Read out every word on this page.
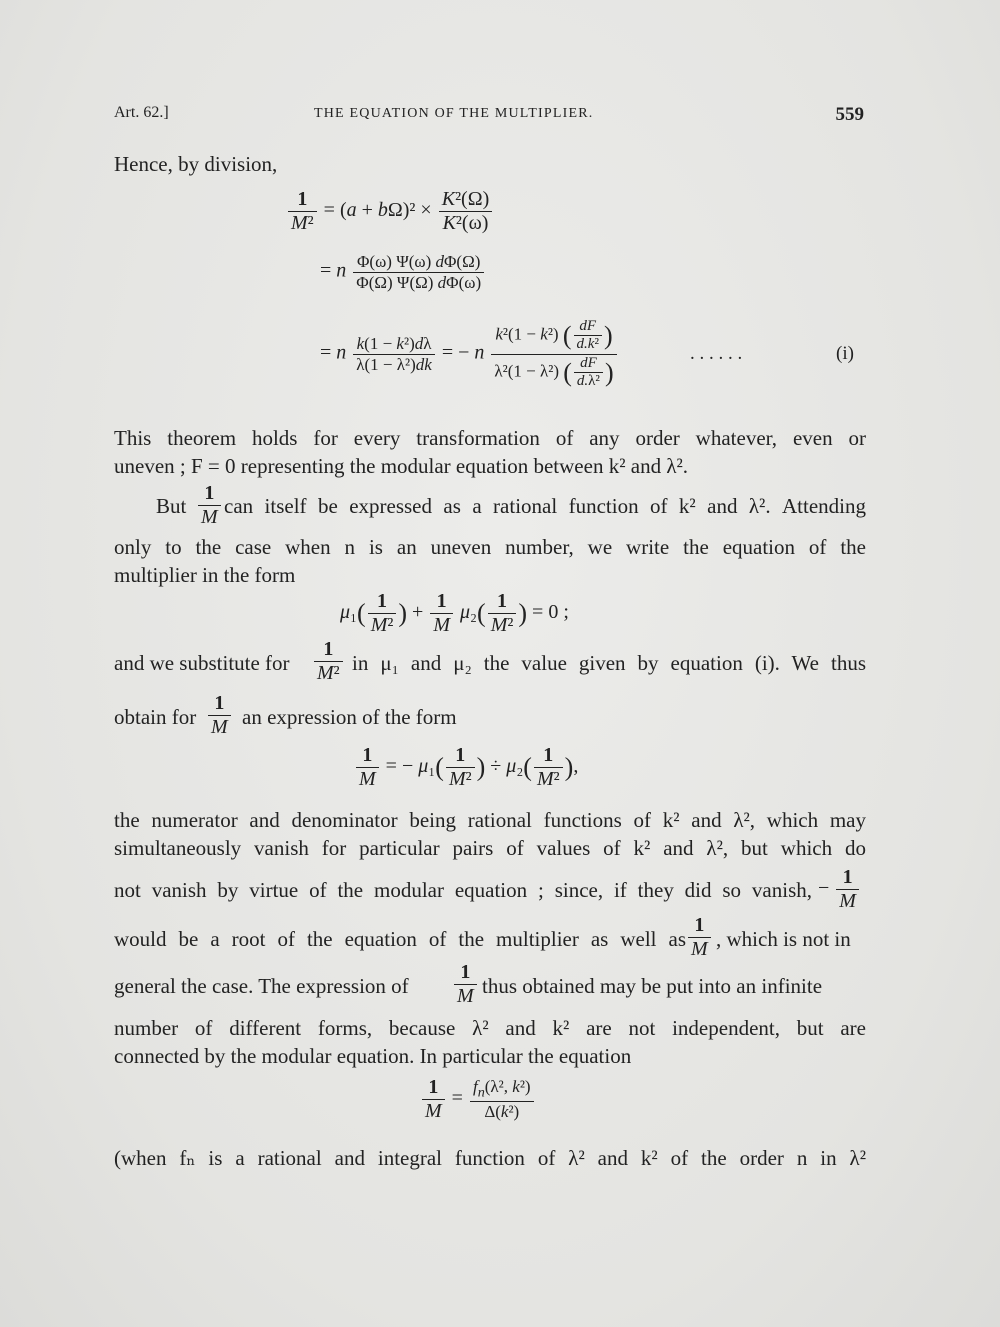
Art. 62.]	THE EQUATION OF THE MULTIPLIER.	559
Hence, by division,
$\frac{1}{\text{M²}} = (a + b\Omega)^2 \times \frac{\text{K²(Ω)}}{\text{K²(ω)}}$
= n $\frac{\Phi(\omega) \Psi(\omega) d\Phi(\Omega)}{\Phi(\Omega) \Psi(\Omega) d\Phi(\omega)}$
= n $\frac{\text{k(1 − k²)dλ}}{\text{λ(1 − λ²)dk}}$ = − n $\frac{k^2(1 - k^2) ( \frac{dF}{\text{d.k²}} )}{\lambda^2(1 - \lambda^2) ( \frac{dF}{\text{d.λ²}} )}$	. . . . . .	(i)
This theorem holds for every transformation of any order whatever, even or
uneven ; F = 0 representing the modular equation between k² and λ².
But $\frac{1}{M}$ can itself be expressed as a rational function of k² and λ². Attending
only to the case when n is an uneven number, we write the equation of the
multiplier in the form
$\mu_1( \frac{1}{\text{M²}}$ ) + $\frac{1}{M} \mu_2( \frac{1}{\text{M²}}$ ) = 0 ;
and we substitute for $\frac{1}{\text{M²}}$ in μ₁ and μ₂ the value given by equation (i). We thus
obtain for $\frac{1}{M}$ an expression of the form
$\frac{1}{M}$ = − $\mu_1( \frac{1}{\text{M²}}$ ) ÷ $\mu_2( \frac{1}{\text{M²}}$ ),
the numerator and denominator being rational functions of k² and λ², which may
simultaneously vanish for particular pairs of values of k² and λ², but which do
not vanish by virtue of the modular equation ; since, if they did so vanish, − $\frac{1}{M}$
would be a root of the equation of the multiplier as well as $\frac{1}{M}$ , which is not in
general the case. The expression of $\frac{1}{M}$ thus obtained may be put into an infinite
number of different forms, because λ² and k² are not independent, but are
connected by the modular equation. In particular the equation
$\frac{1}{M} = \frac{f_n(\lambda^2, k^2)}{\text{Δ(k²)}}$
(when fₙ is a rational and integral function of λ² and k² of the order n in λ²
